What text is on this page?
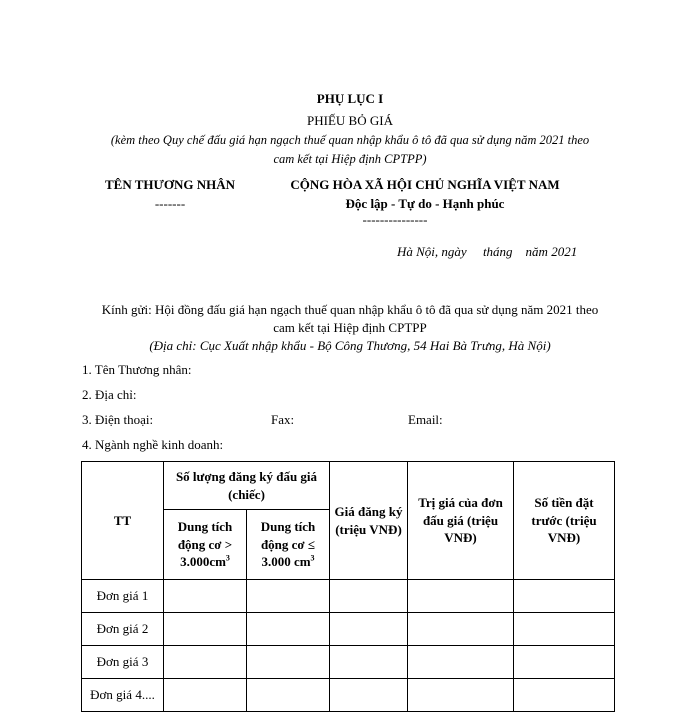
PHỤ LỤC I
PHIẾU BỎ GIÁ
(kèm theo Quy chế đấu giá hạn ngạch thuế quan nhập khẩu ô tô đã qua sử dụng năm 2021 theo
cam kết tại Hiệp định CPTPP)
TÊN THƯƠNG NHÂN
-------
CỘNG HÒA XÃ HỘI CHỦ NGHĨA VIỆT NAM
Độc lập - Tự do - Hạnh phúc
---------------
Hà Nội, ngày     tháng    năm 2021
Kính gửi: Hội đồng đấu giá hạn ngạch thuế quan nhập khẩu ô tô đã qua sử dụng năm 2021 theo
cam kết tại Hiệp định CPTPP
(Địa chỉ: Cục Xuất nhập khẩu - Bộ Công Thương, 54 Hai Bà Trưng, Hà Nội)
1. Tên Thương nhân:
2. Địa chỉ:
3. Điện thoại:	Fax:	Email:
4. Ngành nghề kinh doanh:
TT	Số lượng đăng ký đấu giá (chiếc)		Giá đăng ký (triệu VNĐ)	Trị giá của đơn đấu giá (triệu VNĐ)	Số tiền đặt trước (triệu VNĐ)
	Dung tích động cơ > $3.000cm^3$	Dung tích động cơ ≤ 3.000 $cm^3$
Đơn giá 1					
Đơn giá 2					
Đơn giá 3					
Đơn giá 4....					
